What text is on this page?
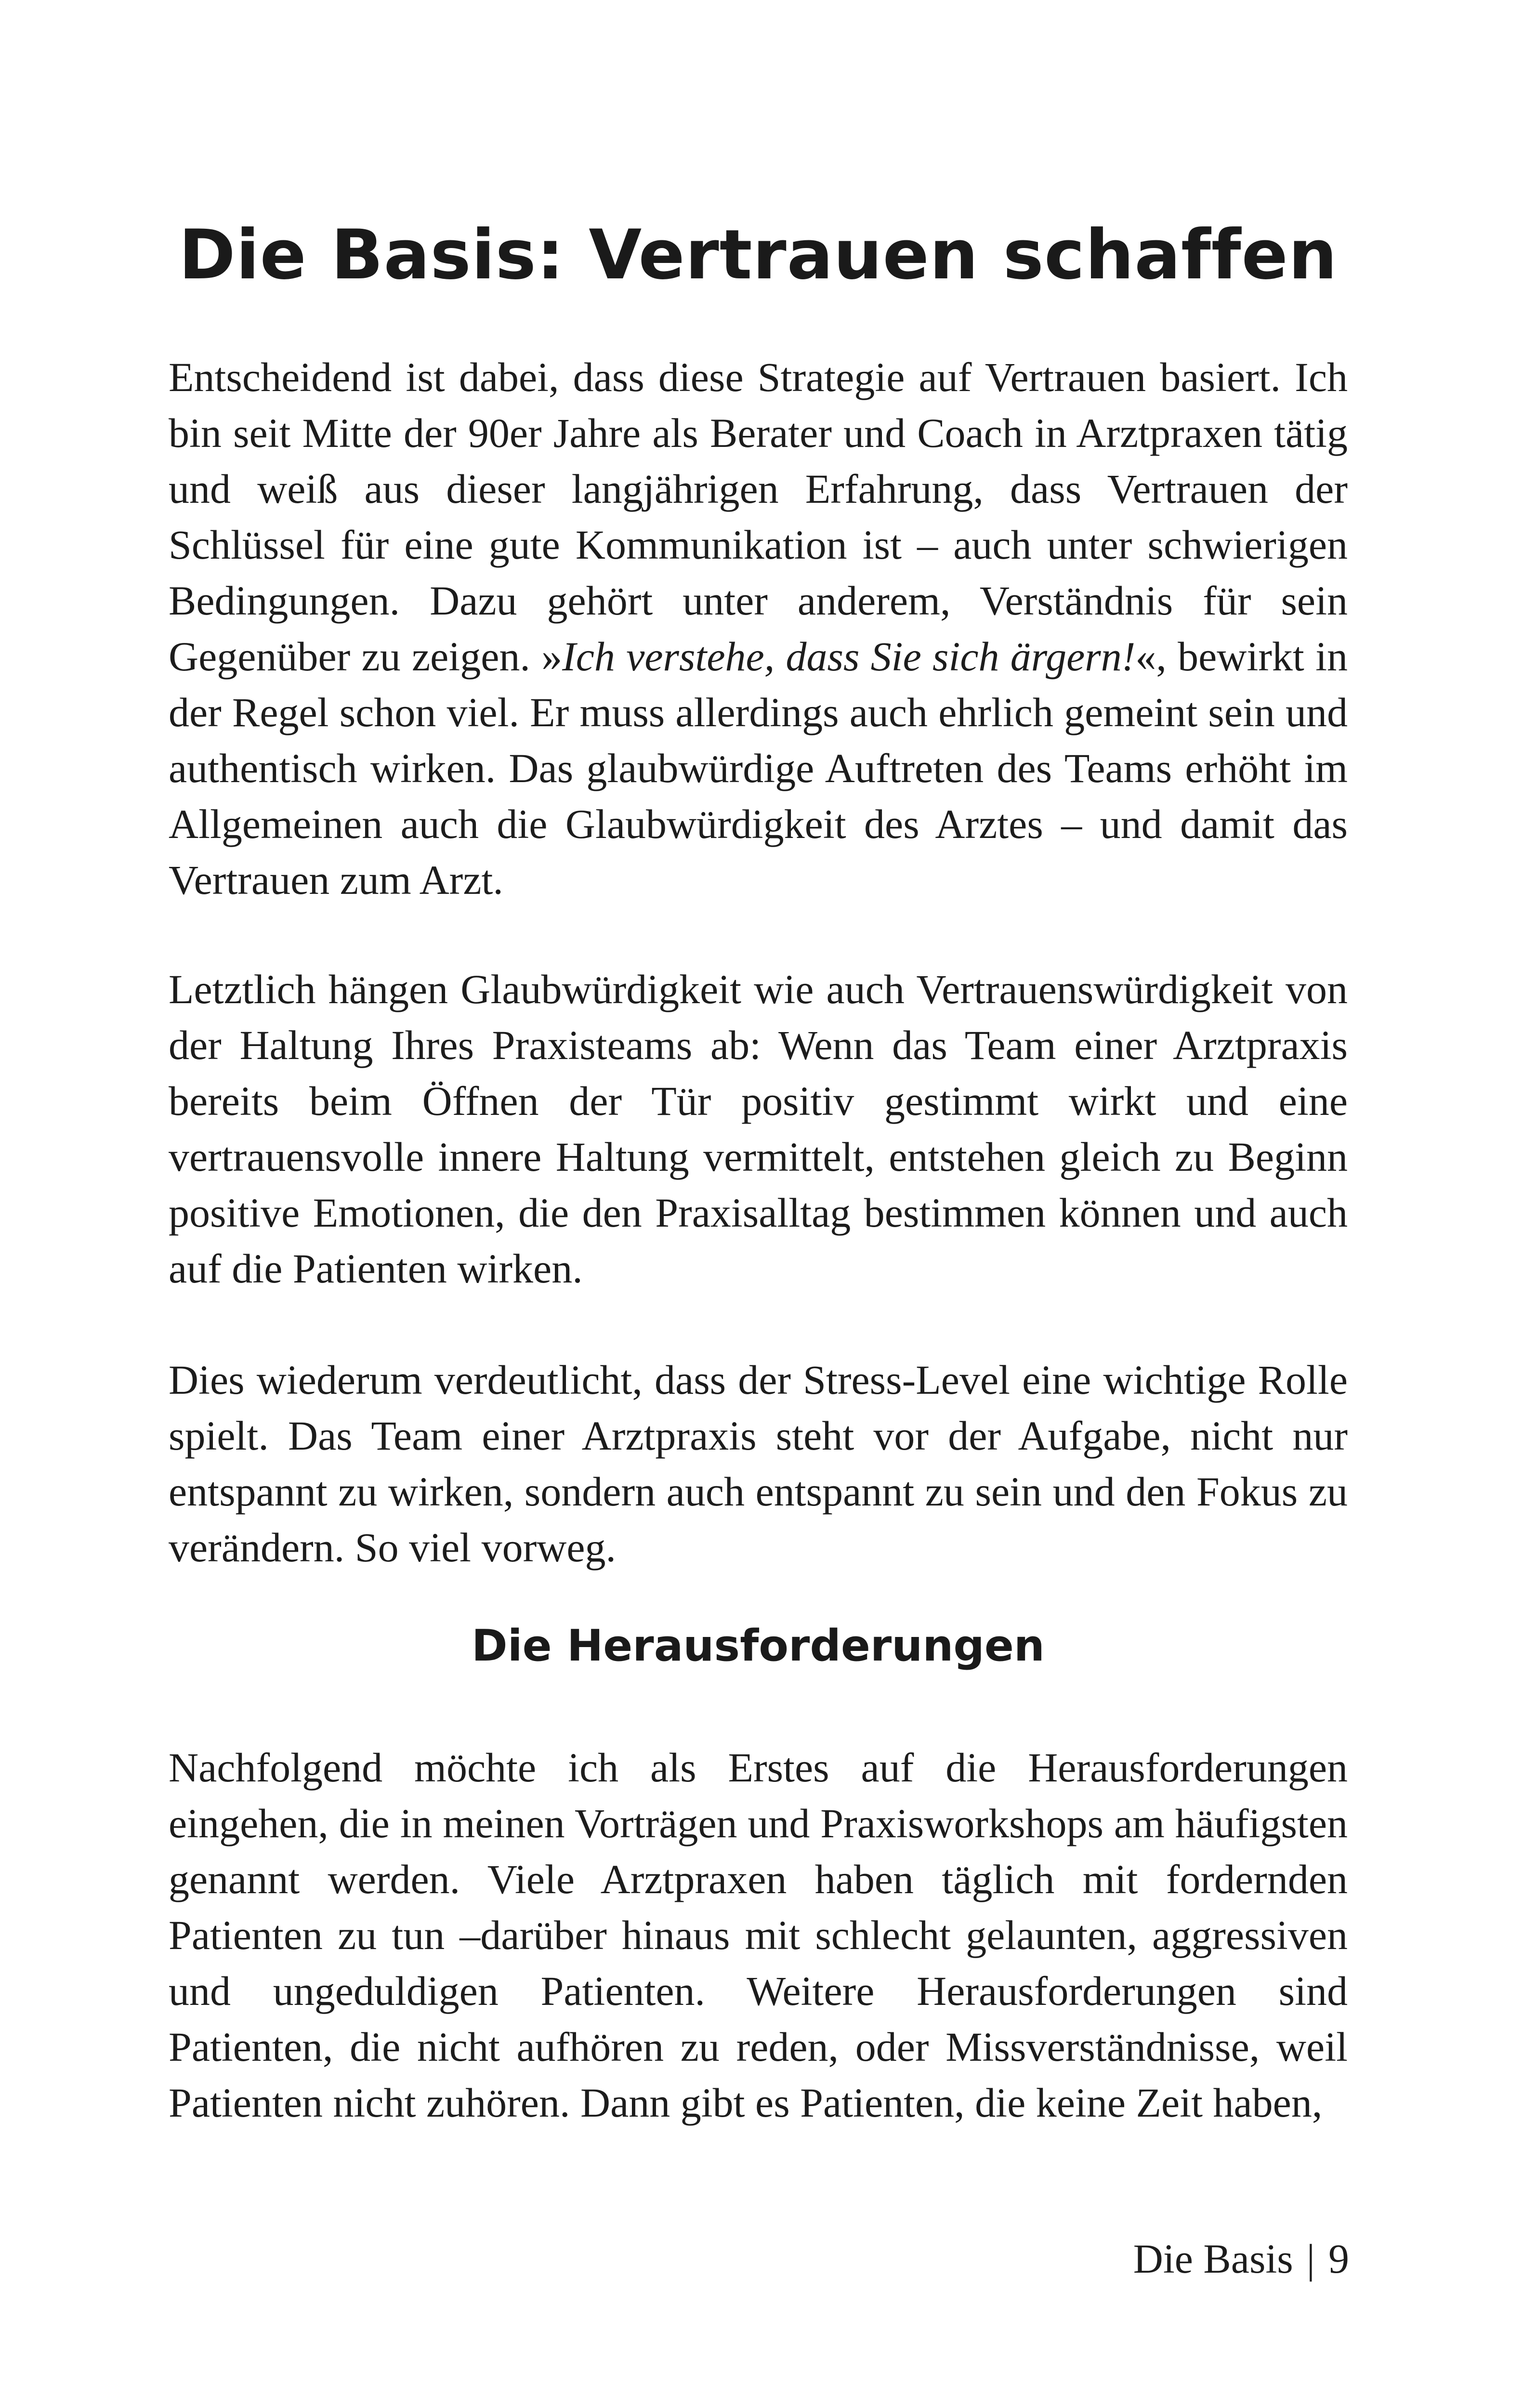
Die Basis: Vertrauen schaffen

Entscheidend ist dabei, dass diese Strategie auf Vertrauen basiert. Ich bin seit Mitte der 90er Jahre als Berater und Coach in Arztpraxen tätig und weiß aus dieser langjährigen Erfahrung, dass Vertrauen der Schlüssel für eine gute Kommunikation ist – auch unter schwierigen Bedingungen. Dazu gehört unter anderem, Verständnis für sein Gegenüber zu zeigen. »Ich verstehe, dass Sie sich ärgern!«, bewirkt in der Regel schon viel. Er muss allerdings auch ehrlich gemeint sein und authentisch wirken. Das glaubwürdige Auftreten des Teams erhöht im Allgemeinen auch die Glaubwürdigkeit des Arztes – und damit das Vertrauen zum Arzt.

Letztlich hängen Glaubwürdigkeit wie auch Vertrauenswürdigkeit von der Haltung Ihres Praxisteams ab: Wenn das Team einer Arztpraxis bereits beim Öffnen der Tür positiv gestimmt wirkt und eine vertrauensvolle innere Haltung vermittelt, entstehen gleich zu Beginn positive Emotionen, die den Praxisalltag bestimmen können und auch auf die Patienten wirken.

Dies wiederum verdeutlicht, dass der Stress-Level eine wichtige Rolle spielt. Das Team einer Arztpraxis steht vor der Aufgabe, nicht nur entspannt zu wirken, sondern auch entspannt zu sein und den Fokus zu verändern. So viel vorweg.

Die Herausforderungen

Nachfolgend möchte ich als Erstes auf die Herausforderungen eingehen, die in meinen Vorträgen und Praxisworkshops am häufigsten genannt werden. Viele Arztpraxen haben täglich mit fordernden Patienten zu tun –darüber hinaus mit schlecht gelaunten, aggressiven und ungeduldigen Patienten. Weitere Herausforderungen sind Patienten, die nicht aufhören zu reden, oder Missverständnisse, weil Patienten nicht zuhören. Dann gibt es Patienten, die keine Zeit haben,

Die Basis | 9
